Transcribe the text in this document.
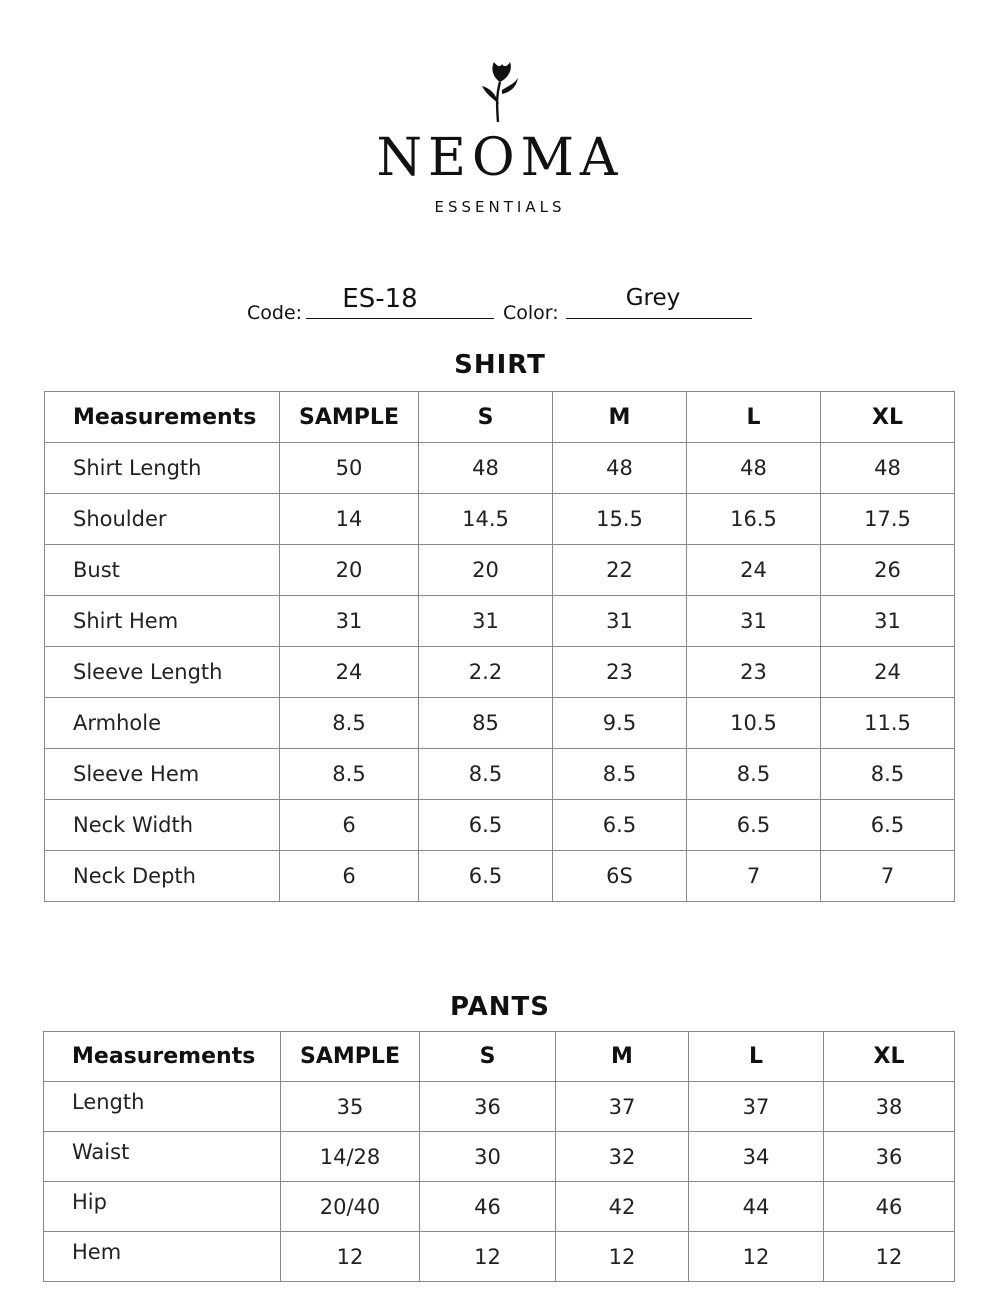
NEOMA
ESSENTIALS
Code:	ES-18	Color:
Grey
SHIRT
Measurements	SAMPLE	S	M	L	XL
Shirt Length	50	48	48	48	48
Shoulder	14	14.5	15.5	16.5	17.5
Bust	20	20	22	24	26
Shirt Hem	31	31	31	31	31
Sleeve Length	24	2.2	23	23	24
Armhole	8.5	85	9.5	10.5	11.5
Sleeve Hem	8.5	8.5	8.5	8.5	8.5
Neck Width	6	6.5	6.5	6.5	6.5
Neck Depth	6	6.5	6S	7	7
PANTS
Measurements	SAMPLE	S	M	L	XL
Length	35	36	37	37	38
Waist	14/28	30	32	34	36
Hip	20/40	46	42	44	46
Hem	12	12	12	12	12
